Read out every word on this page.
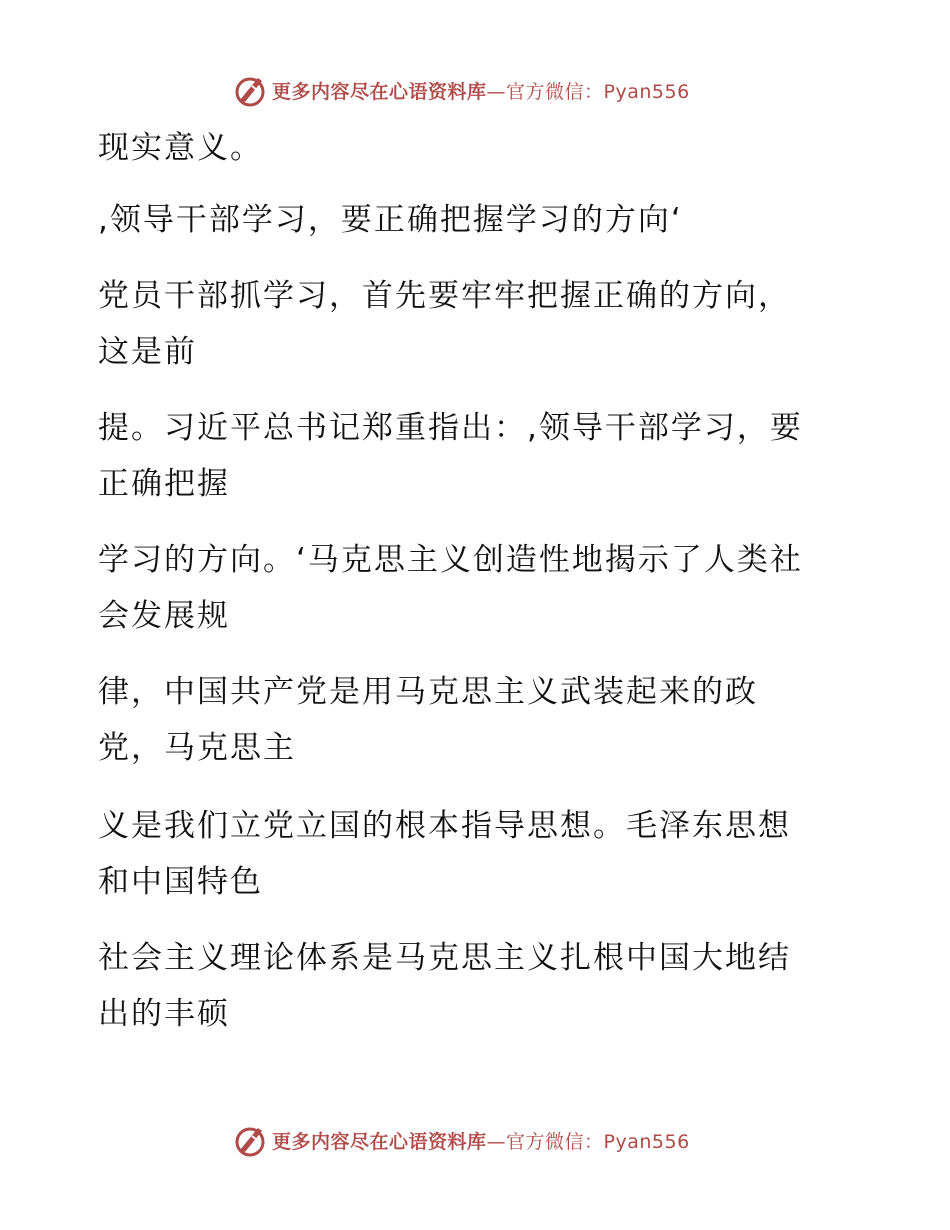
更多内容尽在心语资料库 —官方微信：Pyan556
现实意义。
,领导干部学习，要正确把握学习的方向‘
党员干部抓学习，首先要牢牢把握正确的方向，
这是前
提。习近平总书记郑重指出：,领导干部学习，要
正确把握
学习的方向。‘马克思主义创造性地揭示了人类社
会发展规
律，中国共产党是用马克思主义武装起来的政
党，马克思主
义是我们立党立国的根本指导思想。毛泽东思想
和中国特色
社会主义理论体系是马克思主义扎根中国大地结
出的丰硕
更多内容尽在心语资料库 —官方微信：Pyan556
